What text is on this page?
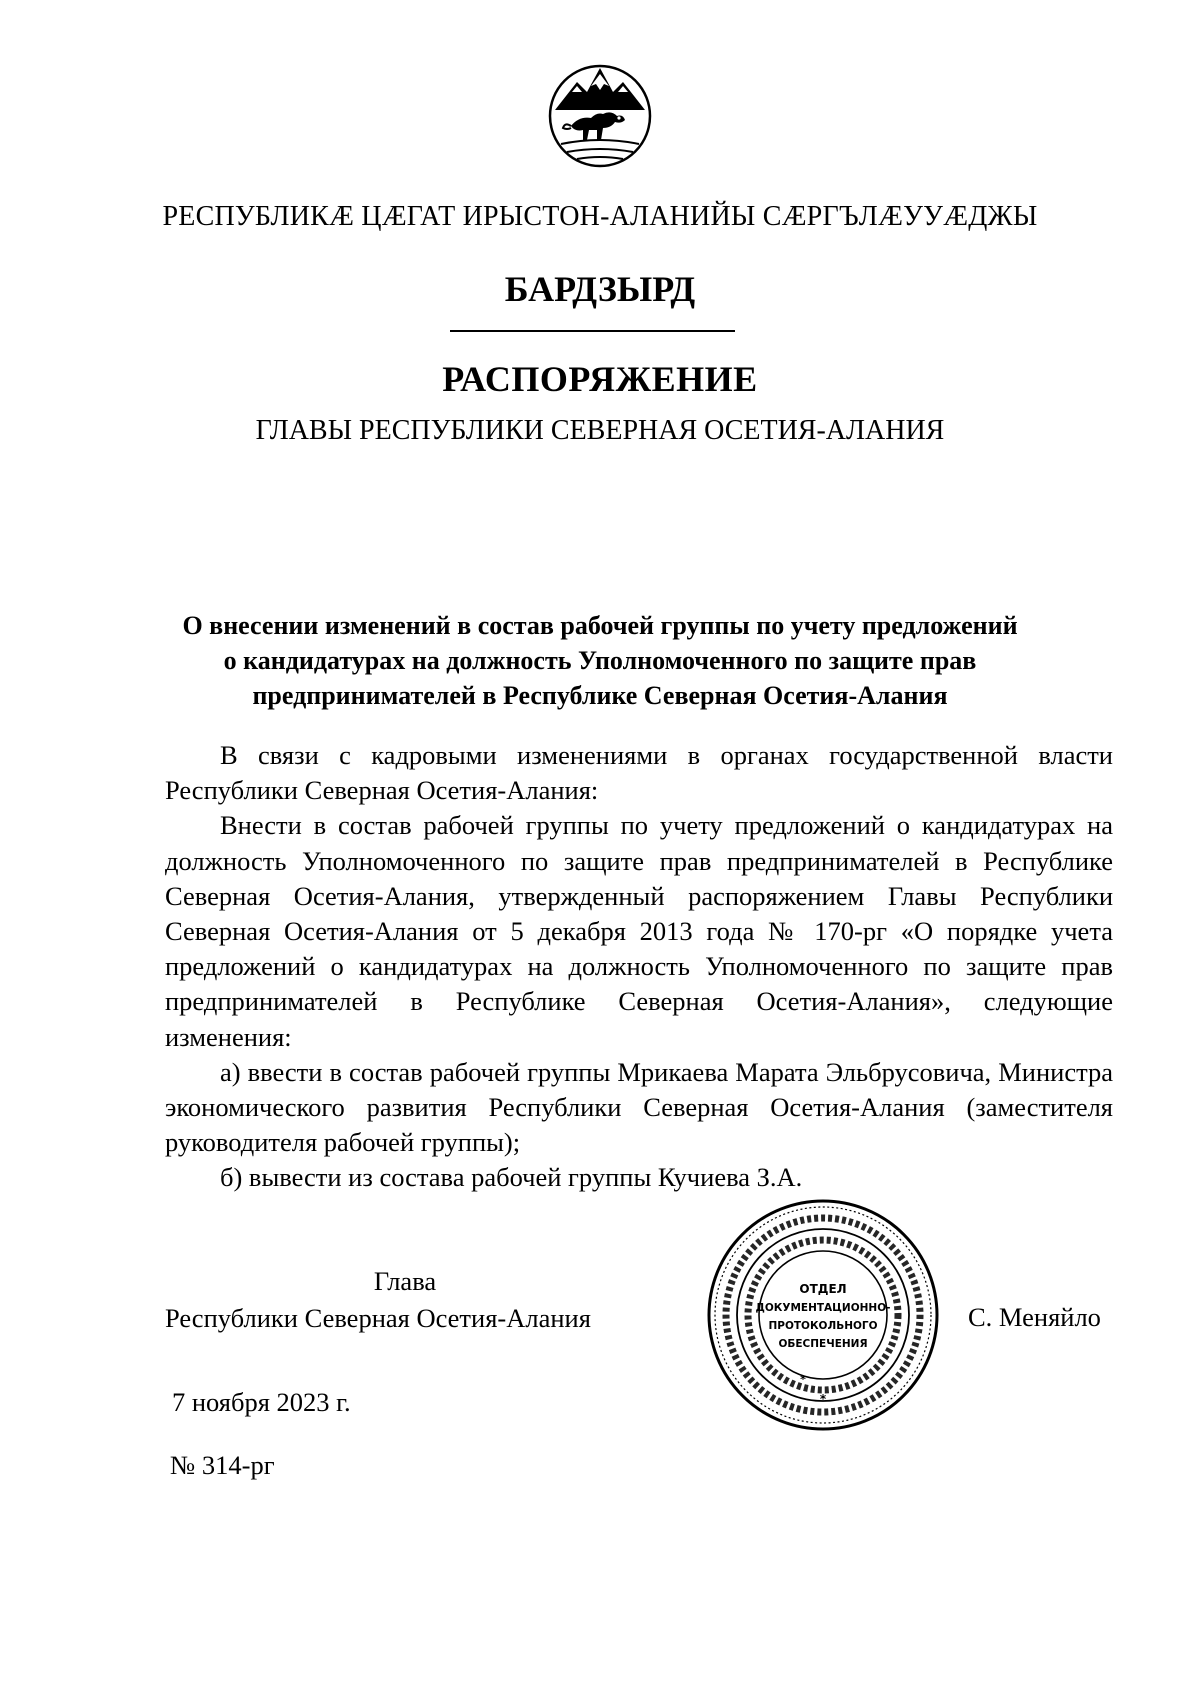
РЕСПУБЛИКӔ ЦӔГАТ ИРЫСТОН-АЛАНИЙЫ СӔРГЪЛӔУУӔДЖЫ
БАРДЗЫРД
РАСПОРЯЖЕНИЕ
ГЛАВЫ РЕСПУБЛИКИ СЕВЕРНАЯ ОСЕТИЯ-АЛАНИЯ
О внесении изменений в состав рабочей группы по учету предложений
о кандидатурах на должность Уполномоченного по защите прав
предпринимателей в Республике Северная Осетия-Алания

В связи с кадровыми изменениями в органах государственной власти Республики Северная Осетия-Алания:

Внести в состав рабочей группы по учету предложений о кандидатурах на должность Уполномоченного по защите прав предпринимателей в Республике Северная Осетия-Алания, утвержденный распоряжением Главы Республики Северная Осетия-Алания от 5 декабря 2013 года № 170-рг «О порядке учета предложений о кандидатурах на должность Уполномоченного по защите прав предпринимателей в Республике Северная Осетия-Алания», следующие изменения:

а) ввести в состав рабочей группы Мрикаева Марата Эльбрусовича, Министра экономического развития Республики Северная Осетия-Алания (заместителя руководителя рабочей группы);

б) вывести из состава рабочей группы Кучиева З.А.

Глава
Республики Северная Осетия-Алания
*
*
ОТДЕЛ
ДОКУМЕНТАЦИОННО-
ПРОТОКОЛЬНОГО
ОБЕСПЕЧЕНИЯ
С. Меняйло
7 ноября 2023 г.
№ 314-рг
